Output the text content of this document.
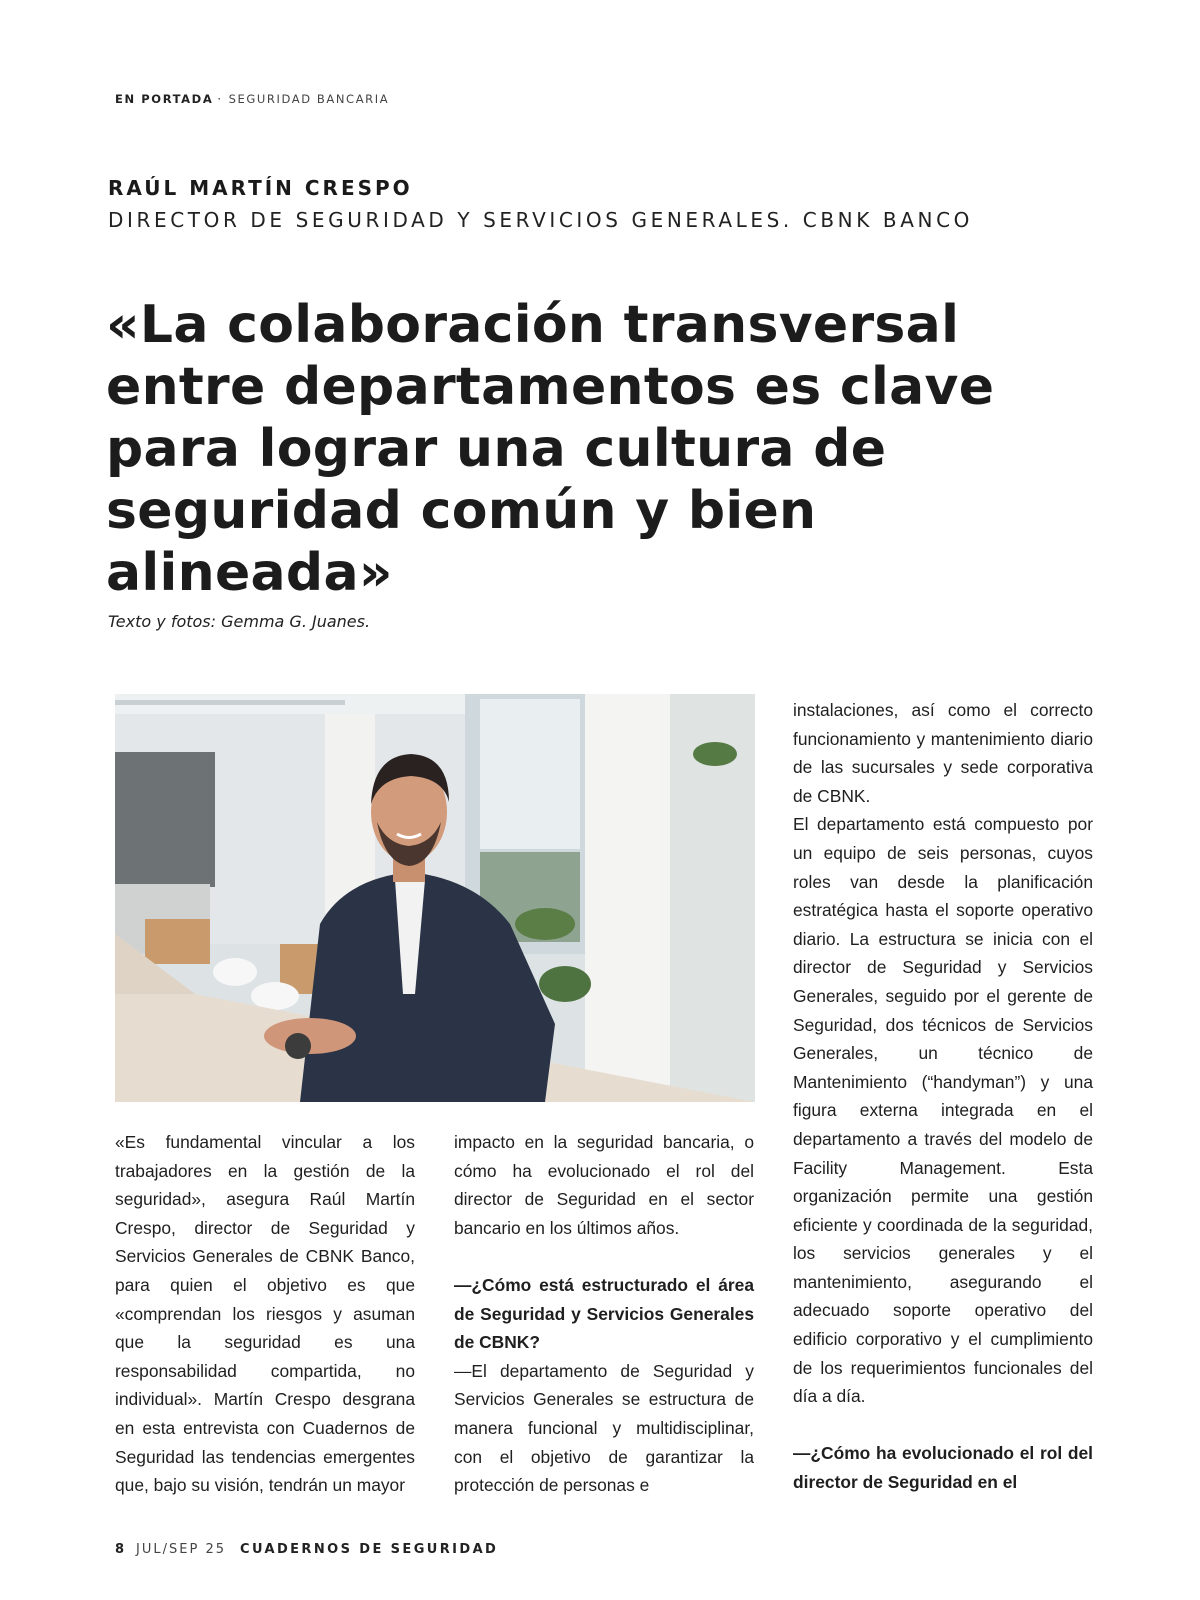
EN PORTADA · SEGURIDAD BANCARIA
RAÚL MARTÍN CRESPO
DIRECTOR DE SEGURIDAD Y SERVICIOS GENERALES. CBNK BANCO
«La colaboración transversal entre departamentos es clave para lograr una cultura de seguridad común y bien alineada»
Texto y fotos: Gemma G. Juanes.

«Es fundamental vincular a los trabajadores en la gestión de la seguridad», asegura Raúl Martín Crespo, director de Seguridad y Servicios Generales de CBNK Banco, para quien el objetivo es que «comprendan los riesgos y asuman que la seguridad es una responsabilidad compartida, no individual». Martín Crespo desgrana en esta entrevista con Cuadernos de Seguridad las tendencias emergentes que, bajo su visión, tendrán un mayor

impacto en la seguridad bancaria, o cómo ha evolucionado el rol del director de Seguridad en el sector bancario en los últimos años.

—¿Cómo está estructurado el área de Seguridad y Servicios Generales de CBNK?

—El departamento de Seguridad y Servicios Generales se estructura de manera funcional y multidisciplinar, con el objetivo de garantizar la protección de personas e

instalaciones, así como el correcto funcionamiento y mantenimiento diario de las sucursales y sede corporativa de CBNK.

El departamento está compuesto por un equipo de seis personas, cuyos roles van desde la planificación estratégica hasta el soporte operativo diario. La estructura se inicia con el director de Seguridad y Servicios Generales, seguido por el gerente de Seguridad, dos técnicos de Servicios Generales, un técnico de Mantenimiento (“handyman”) y una figura externa integrada en el departamento a través del modelo de Facility Management. Esta organización permite una gestión eficiente y coordinada de la seguridad, los servicios generales y el mantenimiento, asegurando el adecuado soporte operativo del edificio corporativo y el cumplimiento de los requerimientos funcionales del día a día.

—¿Cómo ha evolucionado el rol del director de Seguridad en el

8 JUL/SEP 25 CUADERNOS DE SEGURIDAD
